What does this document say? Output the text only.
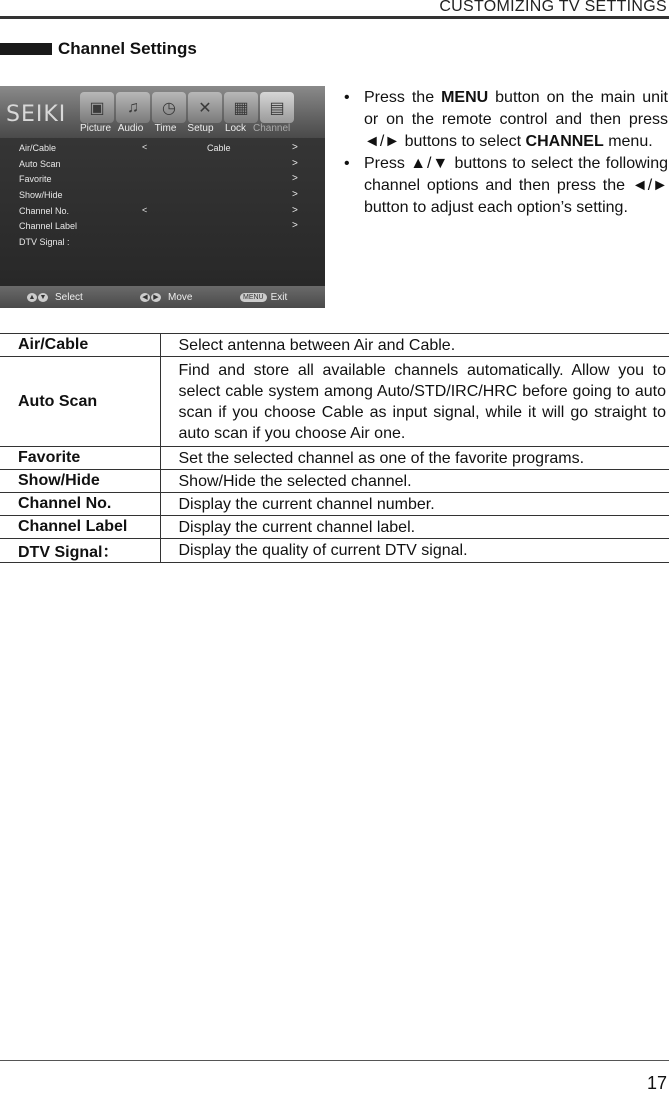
CUSTOMIZING TV SETTINGS
Channel Settings
SEIKI	▣	♫	◷	✕	▦	▤
Picture Audio	Time	Setup	Lock Channel
Air/Cable	<	Cable	>
Auto Scan	>
Favorite	>
Show/Hide	>
Channel No.	<	>
Channel Label	>
DTV Signal :
▲ ▼ Select	◀ ▶ Move	MENU Exit
• Press the MENU button on the main unit or on the remote control and then press ◄/► buttons to select CHANNEL menu.
• Press ▲/▼ buttons to select the following channel options and then press the ◄/► button to adjust each option’s setting.
Air/Cable	Select antenna between Air and Cable.
Auto Scan	Find and store all available channels automatically. Allow you to select cable system among Auto/STD/IRC/HRC before going to auto scan if you choose Cable as input signal, while it will go straight to auto scan if you choose Air one.
Favorite	Set the selected channel as one of the favorite programs.
Show/Hide	Show/Hide the selected channel.
Channel No.	Display the current channel number.
Channel Label	Display the current channel label.
DTV Signal：	Display the quality of current DTV signal.
17
